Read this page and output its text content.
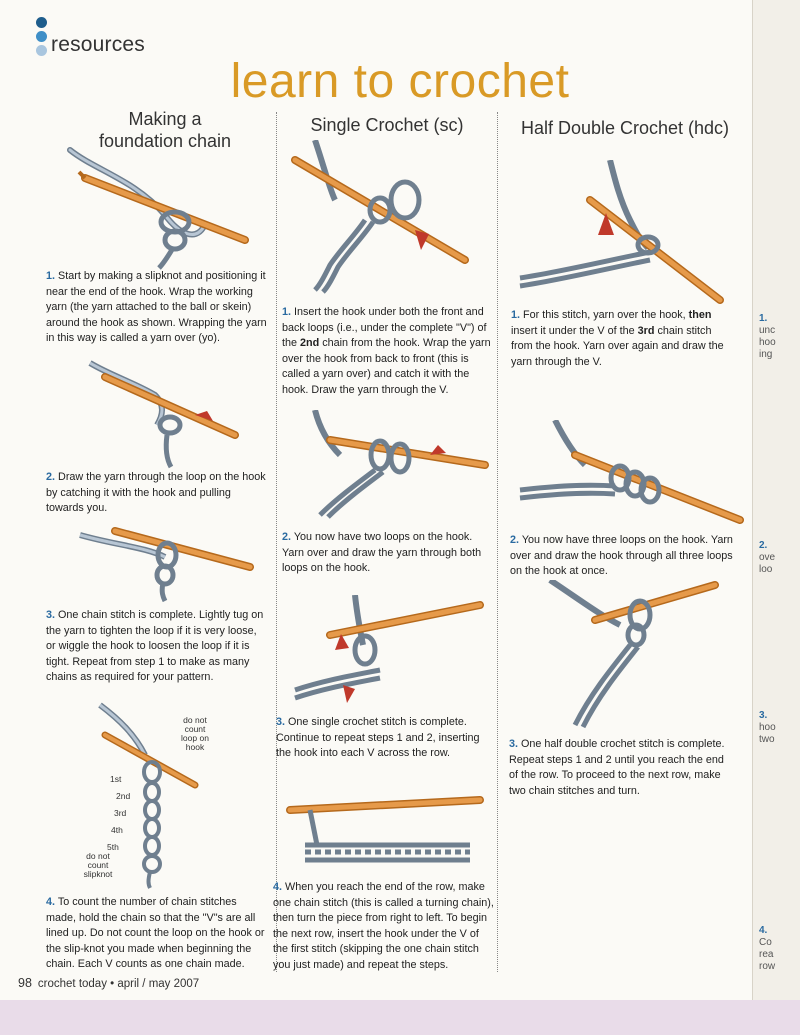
1.
unc
hoo
ing
2.
ove
loo
3.
hoo
two
4.
Co
rea
row
resources
learn to crochet
Making a
foundation chain
Single Crochet (sc)	Half Double Crochet (hdc)
1. Start by making a slipknot and positioning it near the end of the hook. Wrap the working yarn (the yarn attached to the ball or skein) around the hook as shown. Wrapping the yarn in this way is called a yarn over (yo).
2. Draw the yarn through the loop on the hook by catching it with the hook and pulling towards you.
3. One chain stitch is complete. Lightly tug on the yarn to tighten the loop if it is very loose, or wiggle the hook to loosen the loop if it is tight. Repeat from step 1 to make as many chains as required for your pattern.
do not
count
loop on
hook
1st
2nd
3rd
4th
5th
do not
count
slipknot
4. To count the number of chain stitches made, hold the chain so that the "V"s are all lined up. Do not count the loop on the hook or the slip-knot you made when beginning the chain. Each V counts as one chain made.
1. Insert the hook under both the front and back loops (i.e., under the complete "V") of the 2nd chain from the hook. Wrap the yarn over the hook from back to front (this is called a yarn over) and catch it with the hook. Draw the yarn through the V.
2. You now have two loops on the hook. Yarn over and draw the yarn through both loops on the hook.
3. One single crochet stitch is complete. Continue to repeat steps 1 and 2, inserting the hook into each V across the row.
4. When you reach the end of the row, make one chain stitch (this is called a turning chain), then turn the piece from right to left. To begin the next row, insert the hook under the V of the first stitch (skipping the one chain stitch you just made) and repeat the steps.
1. For this stitch, yarn over the hook, then insert it under the V of the 3rd chain stitch from the hook. Yarn over again and draw the yarn through the V.
2. You now have three loops on the hook. Yarn over and draw the hook through all three loops on the hook at once.
3. One half double crochet stitch is complete. Repeat steps 1 and 2 until you reach the end of the row. To proceed to the next row, make two chain stitches and turn.
98 crochet today • april / may 2007
